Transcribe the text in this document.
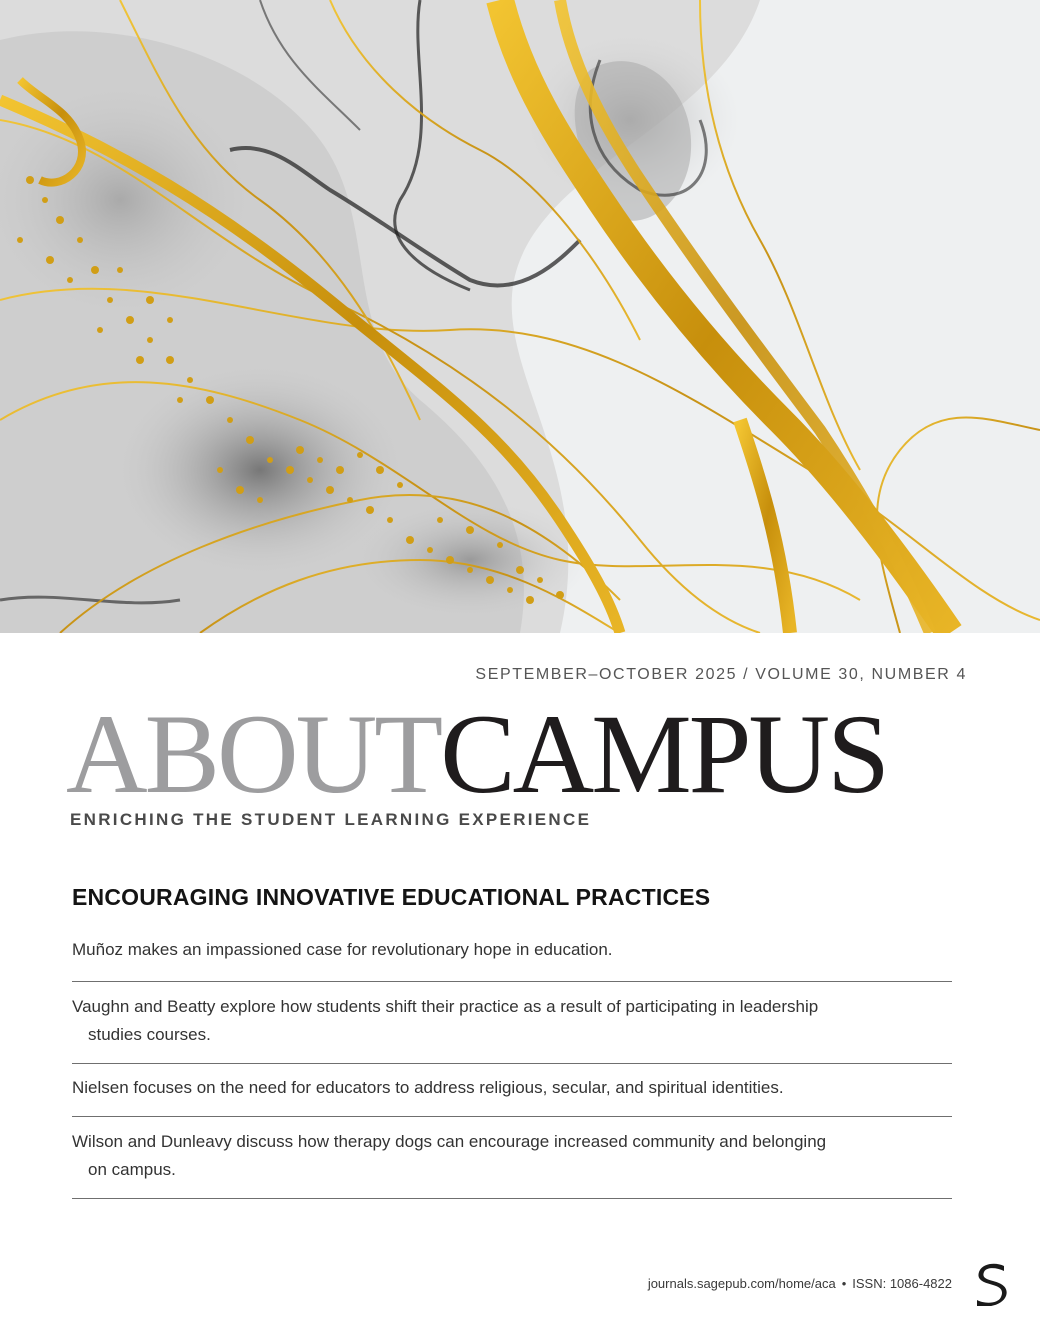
SEPTEMBER–OCTOBER 2025 / VOLUME 30, NUMBER 4
ABOUTCAMPUS
ENRICHING THE STUDENT LEARNING EXPERIENCE
ENCOURAGING INNOVATIVE EDUCATIONAL PRACTICES
Muñoz makes an impassioned case for revolutionary hope in education.
Vaughn and Beatty explore how students shift their practice as a result of participating in leadership
studies courses.
Nielsen focuses on the need for educators to address religious, secular, and spiritual identities.
Wilson and Dunleavy discuss how therapy dogs can encourage increased community and belonging
on campus.
journals.sagepub.com/home/aca • ISSN: 1086-4822
